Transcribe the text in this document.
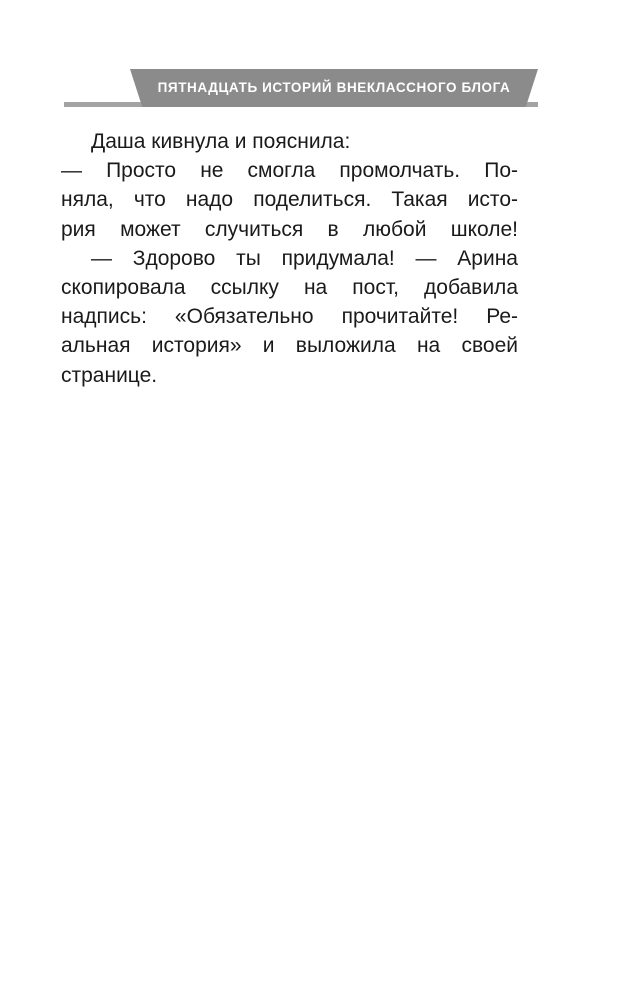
ПЯТНАДЦАТЬ ИСТОРИЙ ВНЕКЛАССНОГО БЛОГА
Даша кивнула и пояснила:
— Просто не смогла промолчать. По-
няла, что надо поделиться. Такая исто-
рия может случиться в любой школе!
— Здорово ты придумала! — Арина
скопировала ссылку на пост, добавила
надпись: «Обязательно прочитайте! Ре-
альная история» и выложила на своей
странице.
